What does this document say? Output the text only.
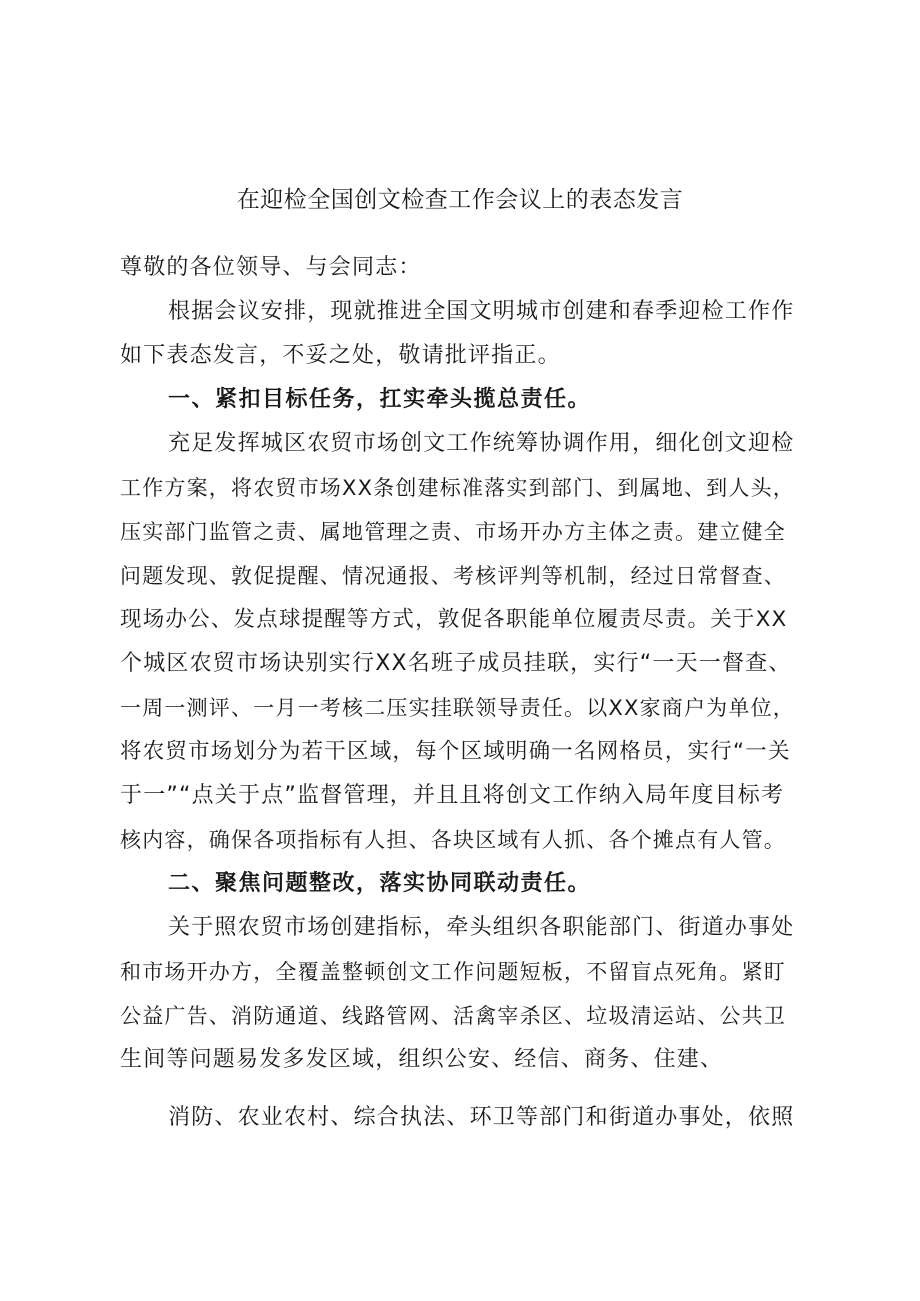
在迎检全国创文检查工作会议上的表态发言
尊敬的各位领导、与会同志：
根据会议安排，现就推进全国文明城市创建和春季迎检工作作
如下表态发言，不妥之处，敬请批评指正。
一、紧扣目标任务，扛实牵头揽总责任。
充足发挥城区农贸市场创文工作统筹协调作用，细化创文迎检
工作方案，将农贸市场XX条创建标准落实到部门、到属地、到人头，
压实部门监管之责、属地管理之责、市场开办方主体之责。建立健全
问题发现、敦促提醒、情况通报、考核评判等机制，经过日常督查、
现场办公、发点球提醒等方式，敦促各职能单位履责尽责。关于XX
个城区农贸市场诀别实行XX名班子成员挂联，实行“一天一督查、
一周一测评、一月一考核二压实挂联领导责任。以XX家商户为单位，
将农贸市场划分为若干区域，每个区域明确一名网格员，实行“一关
于一”“点关于点”监督管理，并且且将创文工作纳入局年度目标考
核内容，确保各项指标有人担、各块区域有人抓、各个摊点有人管。
二、聚焦问题整改，落实协同联动责任。
关于照农贸市场创建指标，牵头组织各职能部门、街道办事处
和市场开办方，全覆盖整顿创文工作问题短板，不留盲点死角。紧盯
公益广告、消防通道、线路管网、活禽宰杀区、垃圾清运站、公共卫
生间等问题易发多发区域，组织公安、经信、商务、住建、
消防、农业农村、综合执法、环卫等部门和街道办事处，依照
